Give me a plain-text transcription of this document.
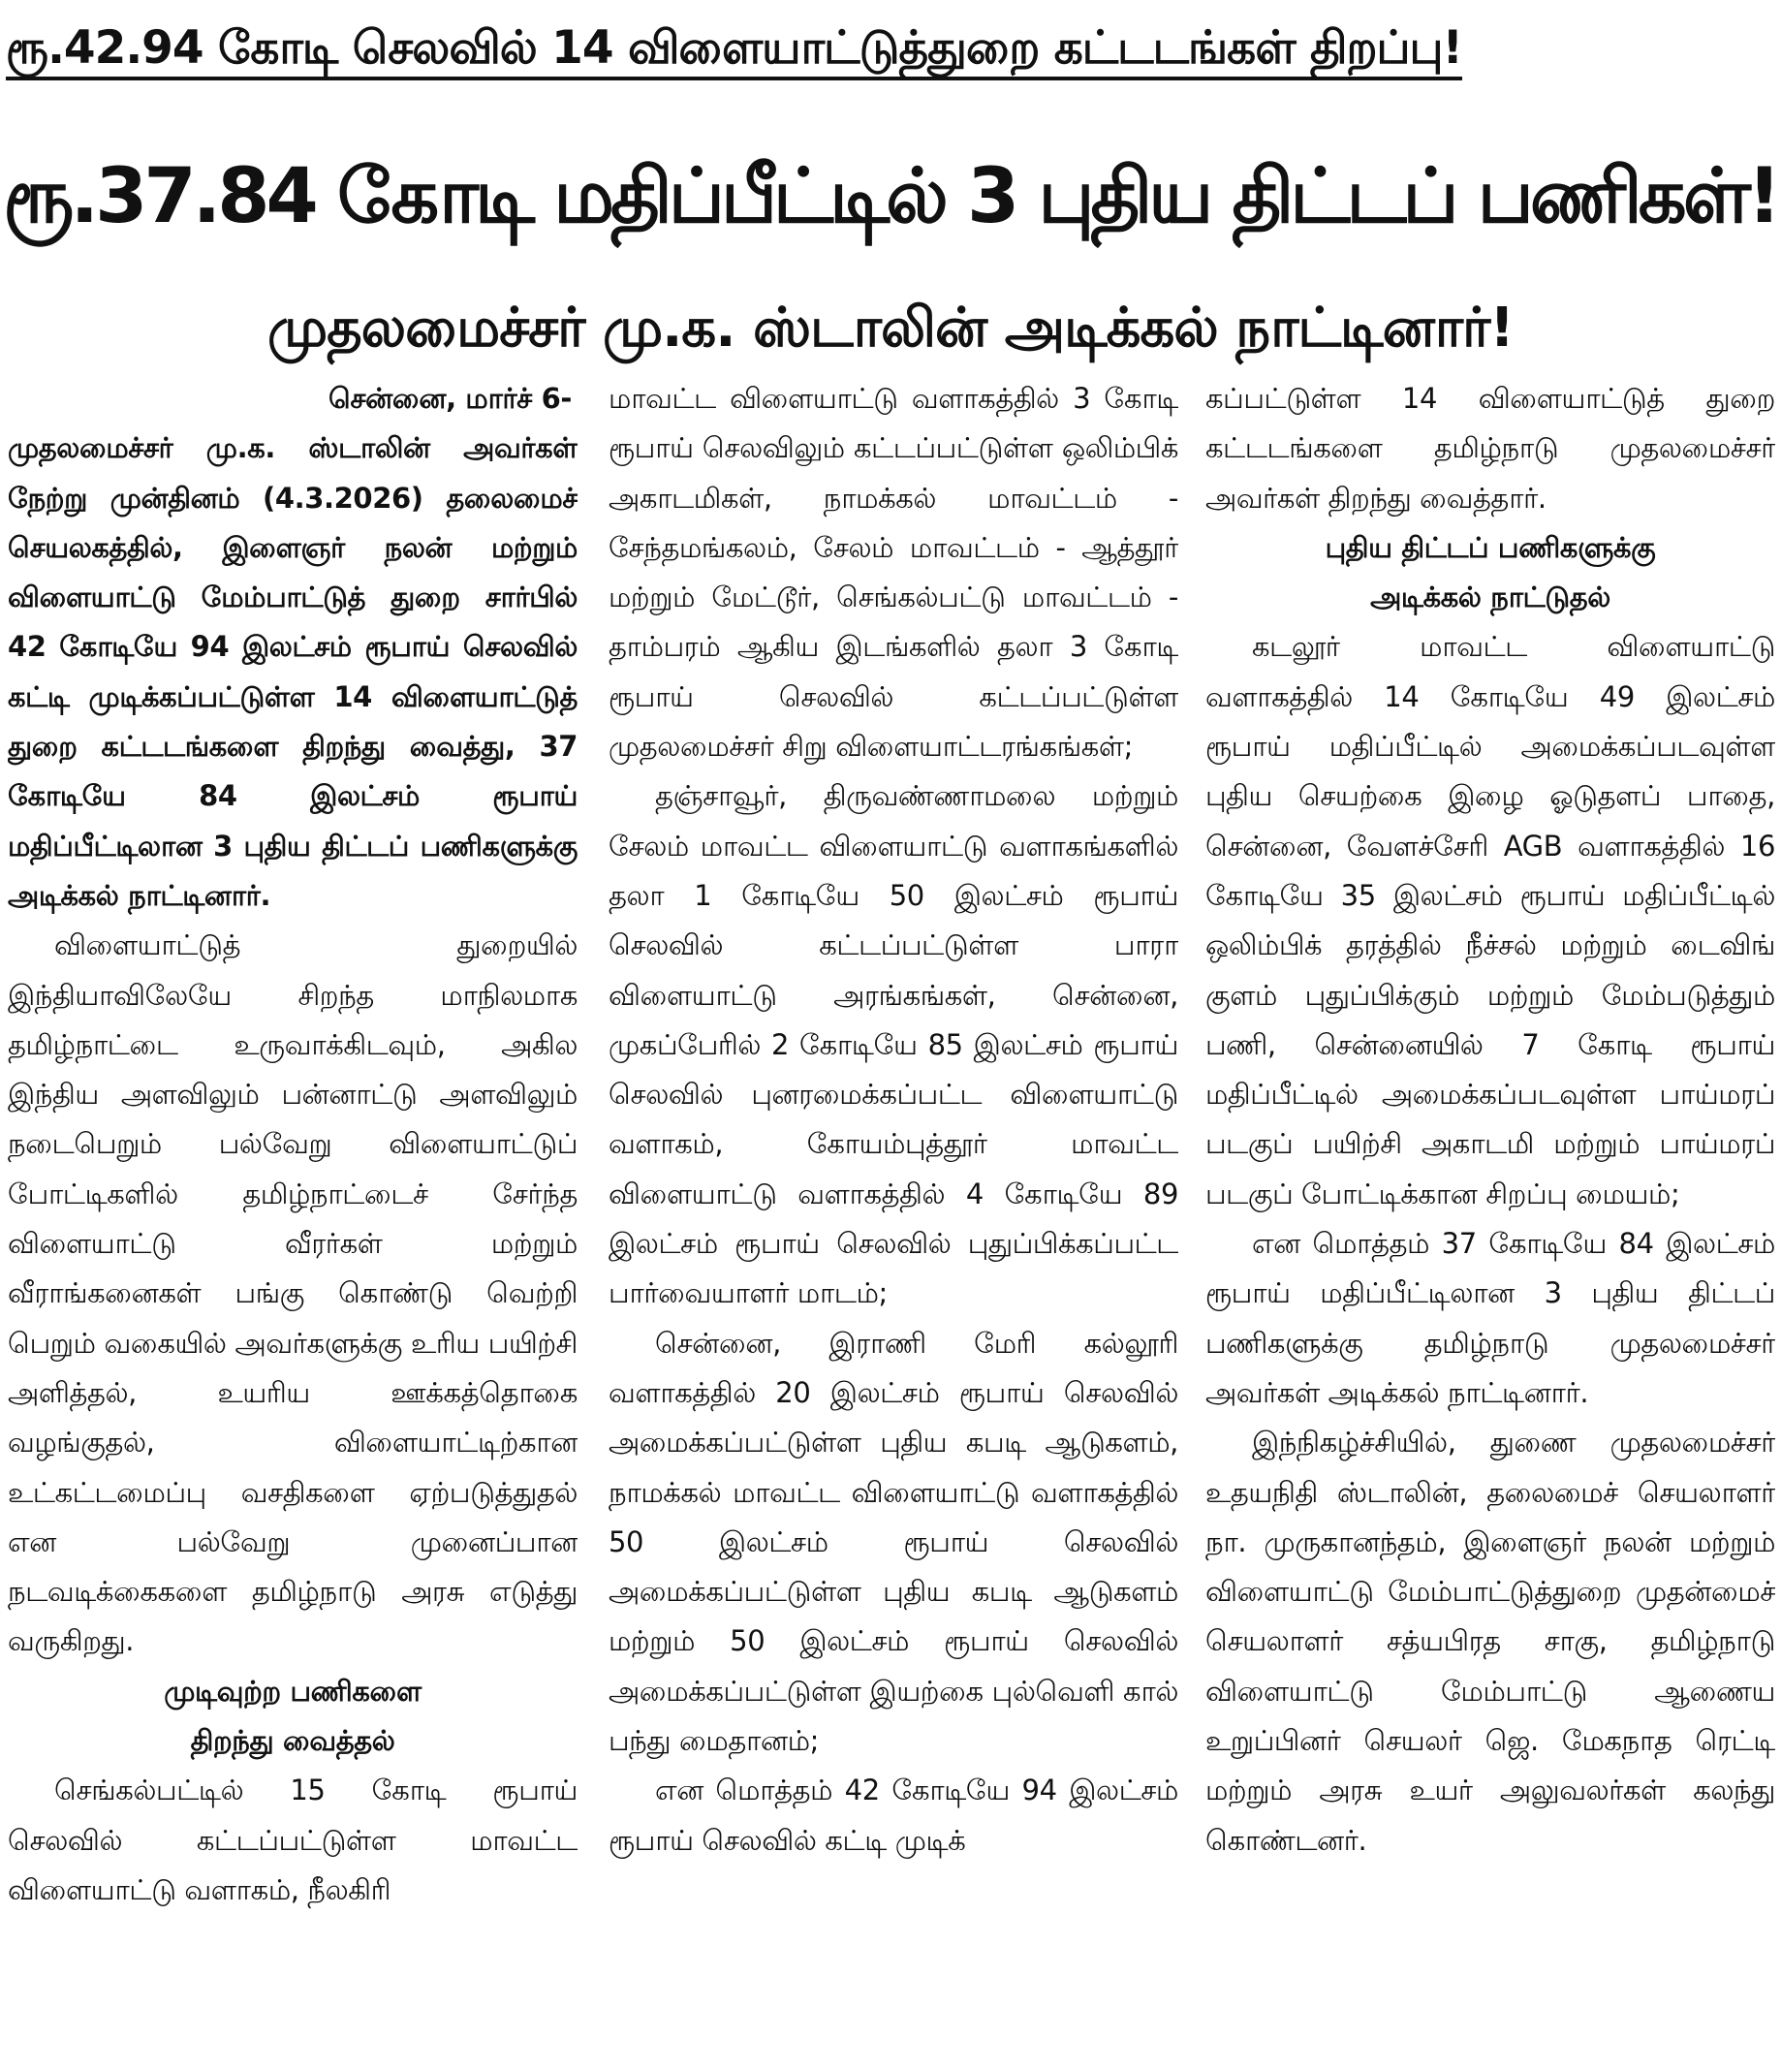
ரூ.42.94 கோடி செலவில் 14 விளையாட்டுத்துறை கட்டடங்கள் திறப்பு!
ரூ.37.84 கோடி மதிப்பீட்டில் 3 புதிய திட்டப் பணிகள்!
முதலமைச்சர் மு.க. ஸ்டாலின் அடிக்கல் நாட்டினார்!

சென்னை, மார்ச் 6-

முதலமைச்சர் மு.க. ஸ்டாலின் அவர்கள் நேற்று முன்தினம் (4.3.2026) தலைமைச் செயலகத்தில், இளைஞர் நலன் மற்றும் விளையாட்டு மேம்பாட்டுத் துறை சார்பில் 42 கோடியே 94 இலட்சம் ரூபாய் செலவில் கட்டி முடிக்கப்பட்டுள்ள 14 விளையாட்டுத் துறை கட்டடங்களை திறந்து வைத்து, 37 கோடியே 84 இலட்சம் ரூபாய் மதிப்பீட்டிலான 3 புதிய திட்டப் பணிகளுக்கு அடிக்கல் நாட்டினார்.

விளையாட்டுத் துறையில் இந்தியாவிலேயே சிறந்த மாநிலமாக தமிழ்நாட்டை உருவாக்கிடவும், அகில இந்திய அளவிலும் பன்னாட்டு அளவிலும் நடைபெறும் பல்வேறு விளையாட்டுப் போட்டிகளில் தமிழ்நாட்டைச் சேர்ந்த விளையாட்டு வீரர்கள் மற்றும் வீராங்கனைகள் பங்கு கொண்டு வெற்றி பெறும் வகையில் அவர்களுக்கு உரிய பயிற்சி அளித்தல், உயரிய ஊக்கத்தொகை வழங்குதல், விளையாட்டிற்கான உட்கட்டமைப்பு வசதிகளை ஏற்படுத்துதல் என பல்வேறு முனைப்பான நடவடிக்கைகளை தமிழ்நாடு அரசு எடுத்து வருகிறது.

முடிவுற்ற பணிகளை

திறந்து வைத்தல்

செங்கல்பட்டில் 15 கோடி ரூபாய் செலவில் கட்டப்பட்டுள்ள மாவட்ட விளையாட்டு வளாகம், நீலகிரி

மாவட்ட விளையாட்டு வளாகத்தில் 3 கோடி ரூபாய் செலவிலும் கட்டப்பட்டுள்ள ஒலிம்பிக் அகாடமிகள், நாமக்கல் மாவட்டம் - சேந்தமங்கலம், சேலம் மாவட்டம் - ஆத்தூர் மற்றும் மேட்டூர், செங்கல்பட்டு மாவட்டம் - தாம்பரம் ஆகிய இடங்களில் தலா 3 கோடி ரூபாய் செலவில் கட்டப்பட்டுள்ள முதலமைச்சர் சிறு விளையாட்டரங்கங்கள்;

தஞ்சாவூர், திருவண்ணாமலை மற்றும் சேலம் மாவட்ட விளையாட்டு வளாகங்களில் தலா 1 கோடியே 50 இலட்சம் ரூபாய் செலவில் கட்டப்பட்டுள்ள பாரா விளையாட்டு அரங்கங்கள், சென்னை, முகப்பேரில் 2 கோடியே 85 இலட்சம் ரூபாய் செலவில் புனரமைக்கப்பட்ட விளையாட்டு வளாகம், கோயம்புத்தூர் மாவட்ட விளையாட்டு வளாகத்தில் 4 கோடியே 89 இலட்சம் ரூபாய் செலவில் புதுப்பிக்கப்பட்ட பார்வையாளர் மாடம்;

சென்னை, இராணி மேரி கல்லூரி வளாகத்தில் 20 இலட்சம் ரூபாய் செலவில் அமைக்கப்பட்டுள்ள புதிய கபடி ஆடுகளம், நாமக்கல் மாவட்ட விளையாட்டு வளாகத்தில் 50 இலட்சம் ரூபாய் செலவில் அமைக்கப்பட்டுள்ள புதிய கபடி ஆடுகளம் மற்றும் 50 இலட்சம் ரூபாய் செலவில் அமைக்கப்பட்டுள்ள இயற்கை புல்வெளி கால் பந்து மைதானம்;

என மொத்தம் 42 கோடியே 94 இலட்சம் ரூபாய் செலவில் கட்டி முடிக்

கப்பட்டுள்ள 14 விளையாட்டுத் துறை கட்டடங்களை தமிழ்நாடு முதலமைச்சர் அவர்கள் திறந்து வைத்தார்.

புதிய திட்டப் பணிகளுக்கு

அடிக்கல் நாட்டுதல்

கடலூர் மாவட்ட விளையாட்டு வளாகத்தில் 14 கோடியே 49 இலட்சம் ரூபாய் மதிப்பீட்டில் அமைக்கப்படவுள்ள புதிய செயற்கை இழை ஓடுதளப் பாதை, சென்னை, வேளச்சேரி AGB வளாகத்தில் 16 கோடியே 35 இலட்சம் ரூபாய் மதிப்பீட்டில் ஒலிம்பிக் தரத்தில் நீச்சல் மற்றும் டைவிங் குளம் புதுப்பிக்கும் மற்றும் மேம்படுத்தும் பணி, சென்னையில் 7 கோடி ரூபாய் மதிப்பீட்டில் அமைக்கப்படவுள்ள பாய்மரப் படகுப் பயிற்சி அகாடமி மற்றும் பாய்மரப் படகுப் போட்டிக்கான சிறப்பு மையம்;

என மொத்தம் 37 கோடியே 84 இலட்சம் ரூபாய் மதிப்பீட்டிலான 3 புதிய திட்டப் பணிகளுக்கு தமிழ்நாடு முதலமைச்சர் அவர்கள் அடிக்கல் நாட்டினார்.

இந்நிகழ்ச்சியில், துணை முதலமைச்சர் உதயநிதி ஸ்டாலின், தலைமைச் செயலாளர் நா. முருகானந்தம், இளைஞர் நலன் மற்றும் விளையாட்டு மேம்பாட்டுத்துறை முதன்மைச் செயலாளர் சத்யபிரத சாகு, தமிழ்நாடு விளையாட்டு மேம்பாட்டு ஆணைய உறுப்பினர் செயலர் ஜெ. மேகநாத ரெட்டி மற்றும் அரசு உயர் அலுவலர்கள் கலந்து கொண்டனர்.
